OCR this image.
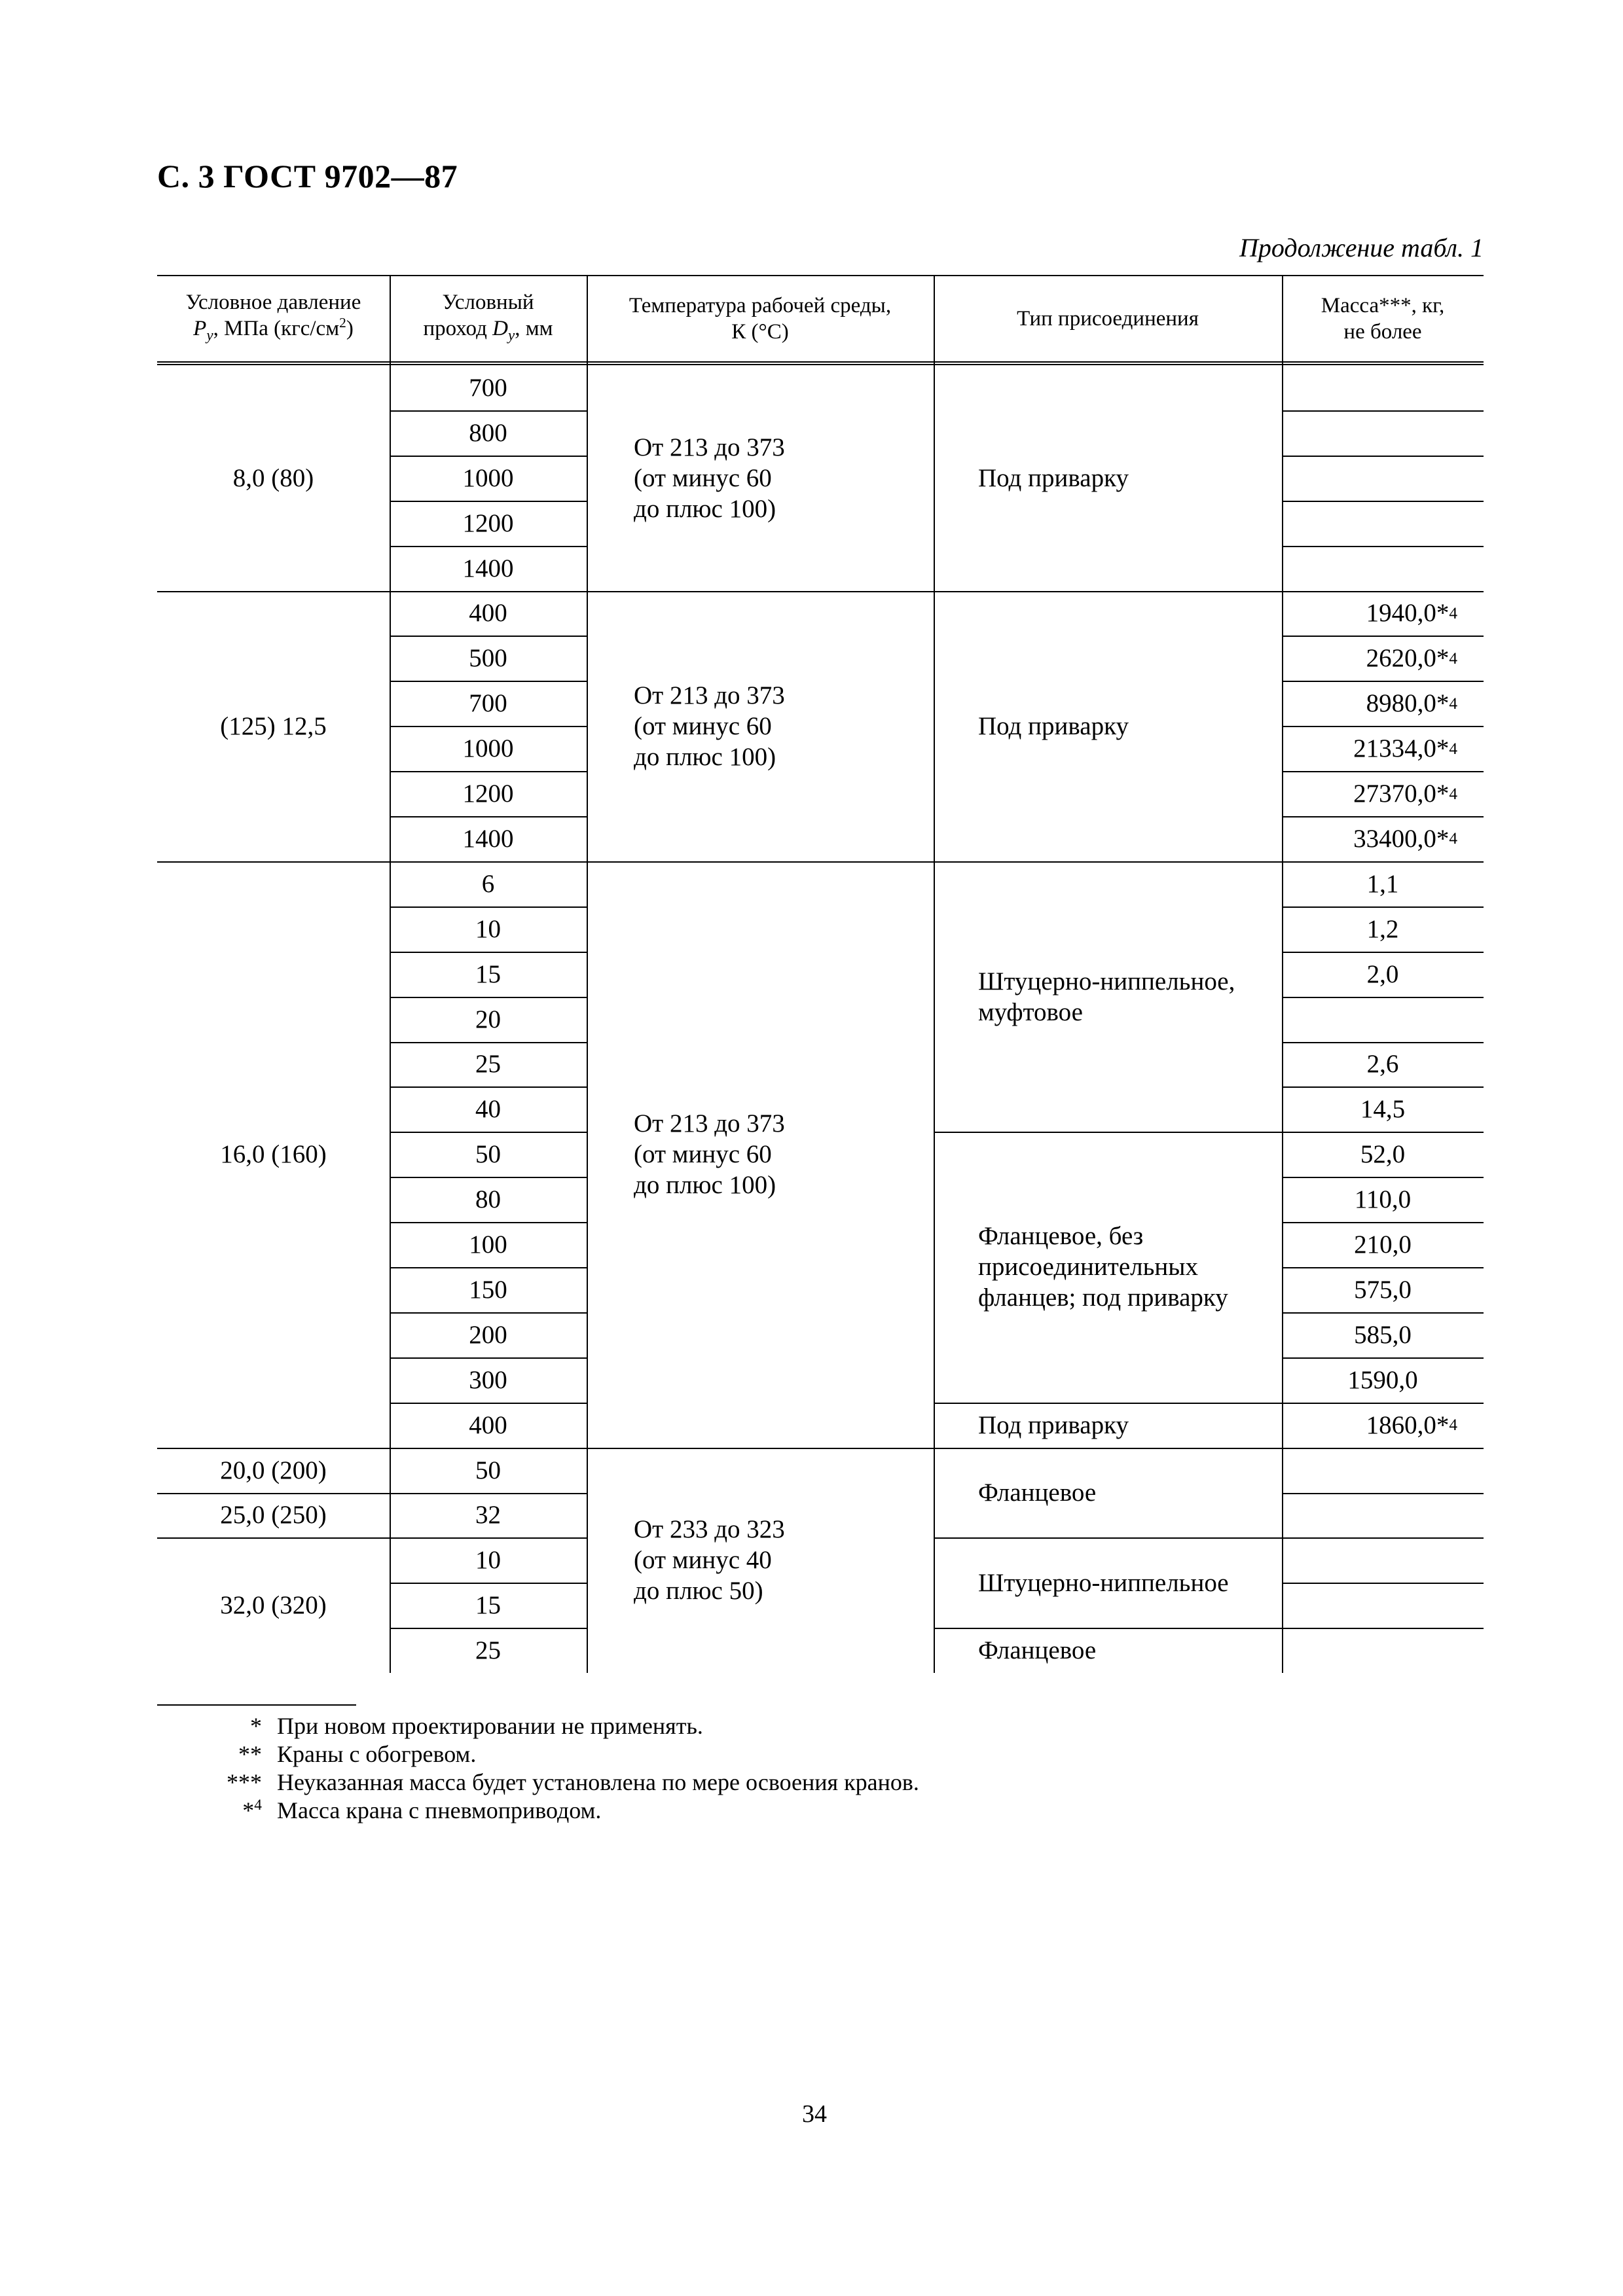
С. 3 ГОСТ 9702—87
Продолжение табл. 1
Условное давление
$P_у$, МПа $(кгс/см^2)$
Условный
проход $D_у$, мм
Температура рабочей среды,
К (°С)
Тип присоединения
Масса***, кг,
не более
8,0 (80)
(125) 12,5
16,0 (160)
20,0 (200)
25,0 (250)
32,0 (320)
700
800
1000
1200
1400
400
500
700
1000
1200
1400
6
10
15
20
25
40
50
80
100
150
200
300
400
50
32
10
15
25
От 213 до 373
(от минус 60
до плюс 100)
От 213 до 373
(от минус 60
до плюс 100)
От 213 до 373
(от минус 60
до плюс 100)
От 233 до 323
(от минус 40
до плюс 50)
Под приварку
Под приварку
Штуцерно-ниппельное,
муфтовое
Фланцевое, без
присоединительных
фланцев; под приварку
Под приварку
Фланцевое
Штуцерно-ниппельное
Фланцевое
1940,0 * 4
2620,0 * 4
8980,0 * 4
21334,0 * 4
27370,0 * 4
33400,0 * 4
1,1
1,2
2,0
2,6
14,5
52,0
110,0
210,0
575,0
585,0
1590,0
1860,0 * 4
* При новом проектировании не применять.
** Краны с обогревом.
*** Неуказанная масса будет установлена по мере освоения кранов.
*$^4$ Масса крана с пневмоприводом.
34
